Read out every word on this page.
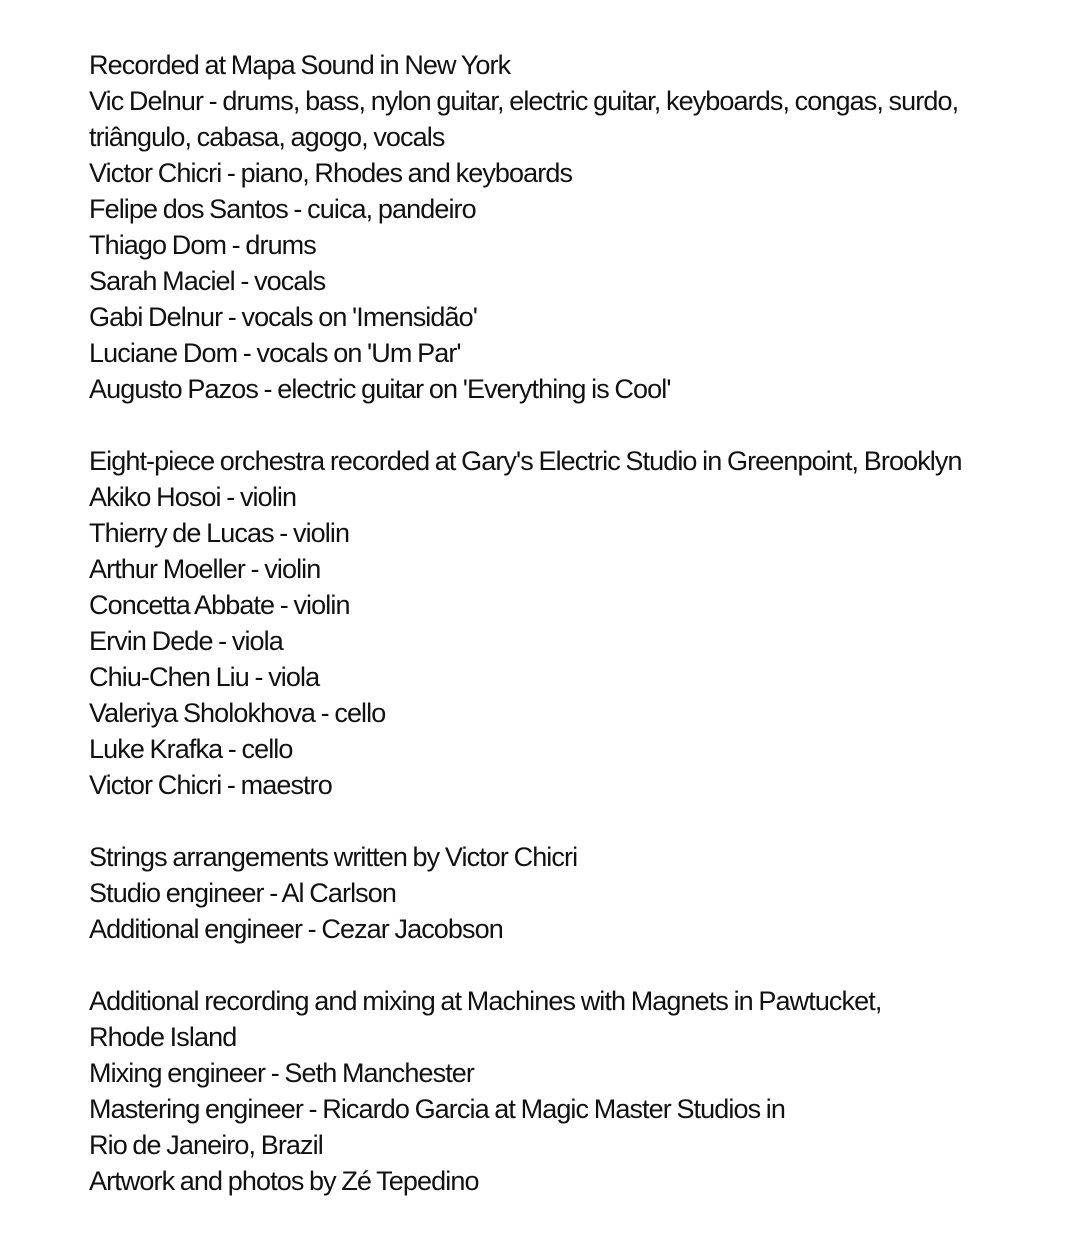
Recorded at Mapa Sound in New York
Vic Delnur - drums, bass, nylon guitar, electric guitar, keyboards, congas, surdo,
triângulo, cabasa, agogo, vocals
Victor Chicri - piano, Rhodes and keyboards
Felipe dos Santos - cuica, pandeiro
Thiago Dom - drums
Sarah Maciel - vocals
Gabi Delnur - vocals on 'Imensidão'
Luciane Dom - vocals on 'Um Par'
Augusto Pazos - electric guitar on 'Everything is Cool'
Eight-piece orchestra recorded at Gary's Electric Studio in Greenpoint, Brooklyn
Akiko Hosoi - violin
Thierry de Lucas - violin
Arthur Moeller - violin
Concetta Abbate - violin
Ervin Dede - viola
Chiu-Chen Liu - viola
Valeriya Sholokhova - cello
Luke Krafka - cello
Victor Chicri - maestro
Strings arrangements written by Victor Chicri
Studio engineer - Al Carlson
Additional engineer - Cezar Jacobson
Additional recording and mixing at Machines with Magnets in Pawtucket,
Rhode Island
Mixing engineer - Seth Manchester
Mastering engineer - Ricardo Garcia at Magic Master Studios in
Rio de Janeiro, Brazil
Artwork and photos by Zé Tepedino
